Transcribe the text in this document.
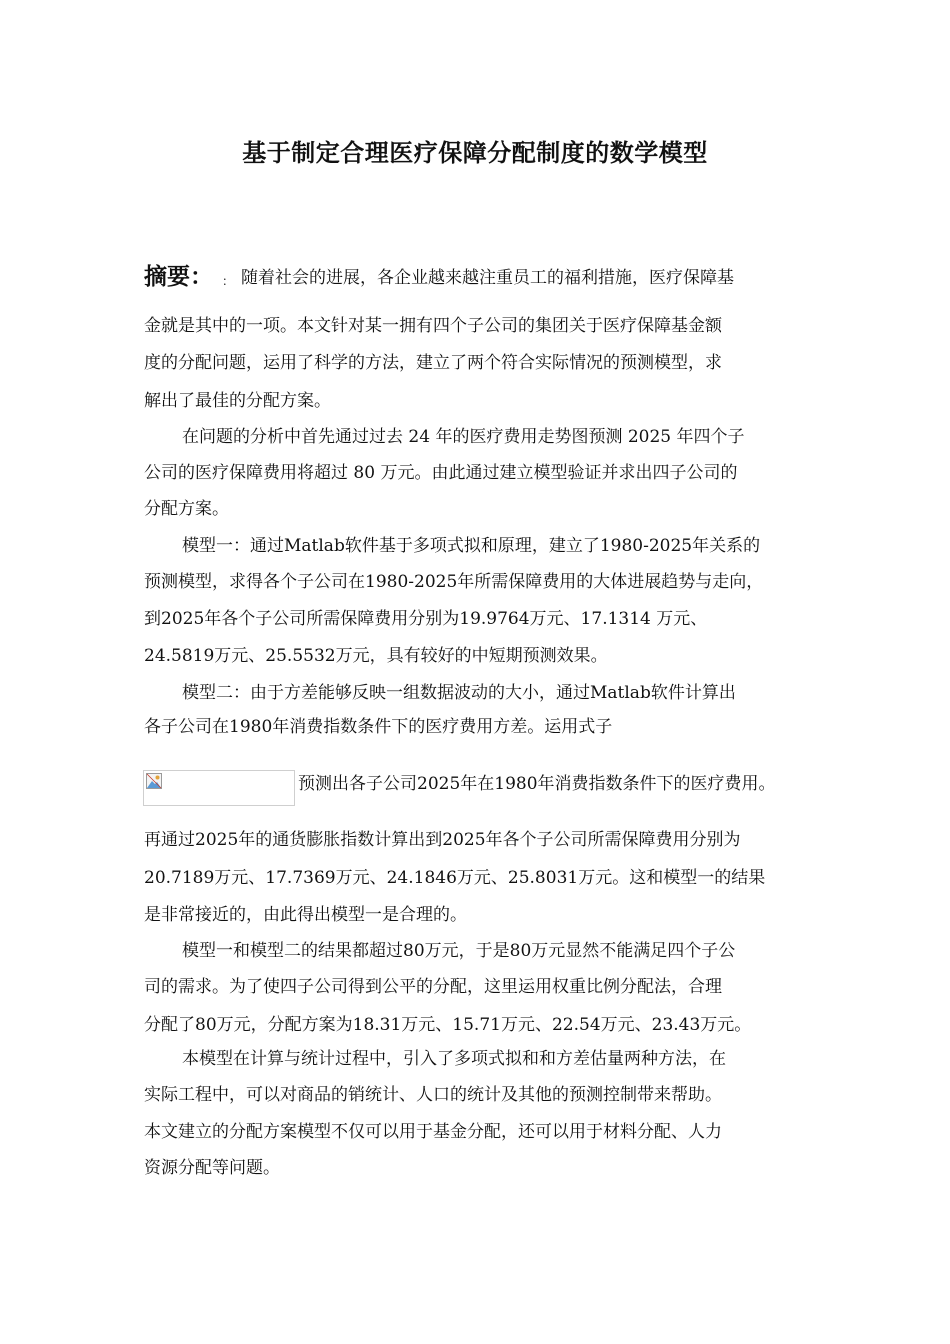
基于制定合理医疗保障分配制度的数学模型
摘要： ： 随着社会的进展，各企业越来越注重员工的福利措施，医疗保障基
金就是其中的一项。本文针对某一拥有四个子公司的集团关于医疗保障基金额
度的分配问题，运用了科学的方法，建立了两个符合实际情况的预测模型，求
解出了最佳的分配方案。
在问题的分析中首先通过过去 24 年的医疗费用走势图预测 2025 年四个子
公司的医疗保障费用将超过 80 万元。由此通过建立模型验证并求出四子公司的
分配方案。
模型一：通过Matlab软件基于多项式拟和原理，建立了1980-2025年关系的
预测模型，求得各个子公司在1980-2025年所需保障费用的大体进展趋势与走向，
到2025年各个子公司所需保障费用分别为19.9764万元、17.1314 万元、
24.5819万元、25.5532万元，具有较好的中短期预测效果。
模型二：由于方差能够反映一组数据波动的大小，通过Matlab软件计算出
各子公司在1980年消费指数条件下的医疗费用方差。运用式子
预测出各子公司2025年在1980年消费指数条件下的医疗费用。
再通过2025年的通货膨胀指数计算出到2025年各个子公司所需保障费用分别为
20.7189万元、17.7369万元、24.1846万元、25.8031万元。这和模型一的结果
是非常接近的，由此得出模型一是合理的。
模型一和模型二的结果都超过80万元，于是80万元显然不能满足四个子公
司的需求。为了使四子公司得到公平的分配，这里运用权重比例分配法，合理
分配了80万元，分配方案为18.31万元、15.71万元、22.54万元、23.43万元。
本模型在计算与统计过程中，引入了多项式拟和和方差估量两种方法，在
实际工程中，可以对商品的销统计、人口的统计及其他的预测控制带来帮助。
本文建立的分配方案模型不仅可以用于基金分配，还可以用于材料分配、人力
资源分配等问题。
